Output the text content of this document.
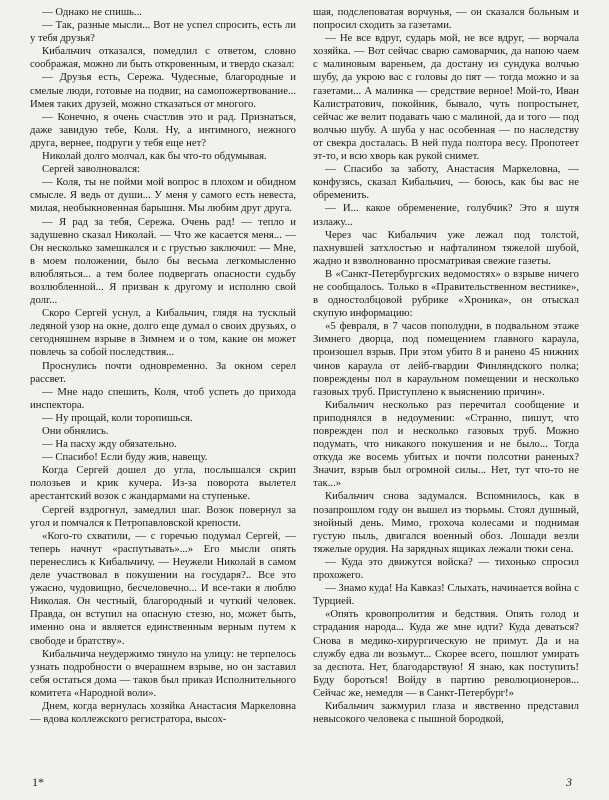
— Однако не спишь...

— Так, разные мысли... Вот не успел спросить, есть ли у тебя друзья?

Кибальчич отказался, помедлил с ответом, словно соображая, можно ли быть откровенным, и твердо сказал:

— Друзья есть, Сережа. Чудесные, благородные и смелые люди, готовые на подвиг, на самопожертвование... Имея таких друзей, можно стказаться от многого.

— Конечно, я очень счастлив это и рад. Признаться, даже завидую тебе, Коля. Ну, а интимного, нежного друга, вернее, подруги у тебя еще нет?

Николай долго молчал, как бы что-то обдумывая.

Сергей заволновался:

— Коля, ты не пойми мой вопрос в плохом и обидном смысле. Я ведь от души... У меня у самого есть невеста, милая, необыкновенная барышня. Мы любим друг друга.

— Я рад за тебя, Сережа. Очень рад! — тепло и задушевно сказал Николай. — Что же касается меня... — Он несколько замешкался и с грустью заключил: — Мне, в моем положении, было бы весьма легкомысленно влюбляться... а тем более подвергать опасности судьбу возлюбленной... Я призван к другому и исполню свой долг...

Скоро Сергей уснул, а Кибальчич, глядя на тусклый ледяной узор на окне, долго еще думал о своих друзьях, о сегодняшнем взрыве в Зимнем и о том, какие он может повлечь за собой последствия...

Проснулись почти одновременно. За окном серел рассвет.

— Мне надо спешить, Коля, чтоб успеть до прихода инспектора.

— Ну прощай, коли торопишься.

Они обнялись.

— На пасху жду обязательно.

— Спасибо! Если буду жив, навещу.

Когда Сергей дошел до угла, послышался скрип полозьев и крик кучера. Из-за поворота вылетел арестантский возок с жандармами на ступеньке.

Сергей вздрогнул, замедлил шаг. Возок повернул за угол и помчался к Петропавловской крепости.

«Кого-то схватили, — с горечью подумал Сергей, — теперь начнут «распутывать»...» Его мысли опять перенеслись к Кибальчичу. — Неужели Николай в самом деле участвовал в покушении на государя?.. Все это ужасно, чудовищно, бесчеловечно... И все-таки я люблю Николая. Он честный, благородный и чуткий человек. Правда, он вступил на опасную стезю, но, может быть, именно она и является единственным верным путем к свободе и братству».

Кибальчича неудержимо тянуло на улицу: не терпелось узнать подробности о вчерашнем взрыве, но он заставил себя остаться дома — таков был приказ Исполнительного комитета «Народной воли».

Днем, когда вернулась хозяйка Анастасия Маркеловна — вдова коллежского регистратора, высох-

шая, подслеповатая ворчунья, — он сказался больным и попросил сходить за газетами.

— Не все вдруг, сударь мой, не все вдруг, — ворчала хозяйка. — Вот сейчас сварю самоварчик, да напою чаем с малиновым вареньем, да достану из сундука волчью шубу, да укрою вас с головы до пят — тогда можно и за газетами... А малинка — средствие верное! Мой-то, Иван Калистратович, покойник, бывало, чуть попростынет, сейчас же велит подавать чаю с малиной, да и того — под волчью шубу. А шуба у нас особенная — по наследству от свекра досталась. В ней пуда полтора весу. Пропотеет эт-то, и всю хворь как рукой снимет.

— Спасибо за заботу, Анастасия Маркеловна, — конфузясь, сказал Кибальчич, — боюсь, как бы вас не обременить.

— И... какое обременение, голубчик? Это я шутя излажу...

Через час Кибальчич уже лежал под толстой, пахнувшей затхлостью и нафталином тяжелой шубой, жадно и взволнованно просматривая свежие газеты.

В «Санкт-Петербургских ведомостях» о взрыве ничего не сообщалось. Только в «Правительственном вестнике», в одностолбцовой рубрике «Хроника», он отыскал скупую информацию:

«5 февраля, в 7 часов пополудни, в подвальном этаже Зимнего дворца, под помещением главного караула, произошел взрыв. При этом убито 8 и ранено 45 нижних чинов караула от лейб-гвардии Финляндского полка; повреждены пол в караульном помещении и несколько газовых труб. Приступлено к выяснению причин».

Кибальчич несколько раз перечитал сообщение и приподнялся в недоумении: «Странно, пишут, что поврежден пол и несколько газовых труб. Можно подумать, что никакого покушения и не было... Тогда откуда же восемь убитых и почти полсотни раненых? Значит, взрыв был огромной силы... Нет, тут что-то не так...»

Кибальчич снова задумался. Вспомнилось, как в позапрошлом году он вышел из тюрьмы. Стоял душный, знойный день. Мимо, грохоча колесами и поднимая густую пыль, двигался военный обоз. Лошади везли тяжелые орудия. На зарядных ящиках лежали тюки сена.

— Куда это движутся войска? — тихонько спросил прохожего.

— Знамо куда! На Кавказ! Слыхать, начинается война с Турцией.

«Опять кровопролития и бедствия. Опять голод и страдания народа... Куда же мне идти? Куда деваться? Снова в медико-хирургическую не примут. Да и на службу едва ли возьмут... Скорее всего, пошлют умирать за деспота. Нет, благодарствую! Я знаю, как поступить! Буду бороться! Войду в партию революционеров... Сейчас же, немедля — в Санкт-Петербург!»

Кибальчич зажмурил глаза и явственно представил невысокого человека с пышной бородкой,

1*	3
